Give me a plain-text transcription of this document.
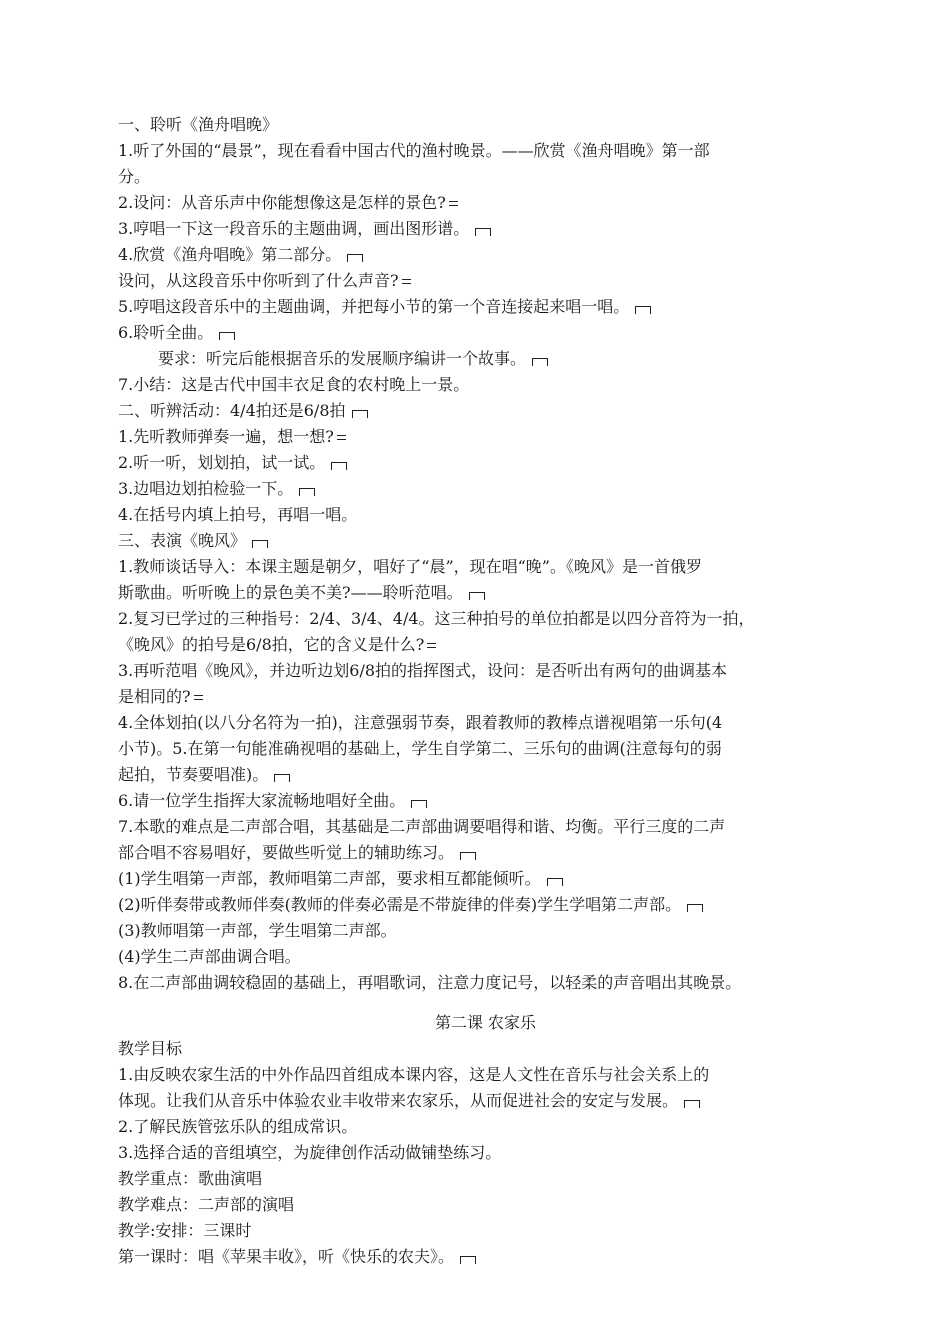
一、聆听《渔舟唱晚》
1.听了外国的“晨景”，现在看看中国古代的渔村晚景。——欣赏《渔舟唱晚》第一部
分。
2.设问：从音乐声中你能想像这是怎样的景色?
3.哼唱一下这一段音乐的主题曲调，画出图形谱。
4.欣赏《渔舟唱晚》第二部分。
设问，从这段音乐中你听到了什么声音?
5.哼唱这段音乐中的主题曲调，并把每小节的第一个音连接起来唱一唱。
6.聆听全曲。
要求：听完后能根据音乐的发展顺序编讲一个故事。
7.小结：这是古代中国丰衣足食的农村晚上一景。
二、听辨活动：4/4拍还是6/8拍
1.先听教师弹奏一遍，想一想?
2.听一听，划划拍，试一试。
3.边唱边划拍检验一下。
4.在括号内填上拍号，再唱一唱。
三、表演《晚风》
1.教师谈话导入：本课主题是朝夕，唱好了“晨”，现在唱“晚”。《晚风》是一首俄罗
斯歌曲。听听晚上的景色美不美?——聆听范唱。
2.复习已学过的三种指号：2/4、3/4、4/4。这三种拍号的单位拍都是以四分音符为一拍，
《晚风》的拍号是6/8拍，它的含义是什么?
3.再听范唱《晚风》，并边听边划6/8拍的指挥图式，设问：是否听出有两句的曲调基本
是相同的?
4.全体划拍(以八分名符为一拍)，注意强弱节奏，跟着教师的教棒点谱视唱第一乐句(4
小节)。5.在第一句能准确视唱的基础上，学生自学第二、三乐句的曲调(注意每句的弱
起拍，节奏要唱准)。
6.请一位学生指挥大家流畅地唱好全曲。
7.本歌的难点是二声部合唱，其基础是二声部曲调要唱得和谐、均衡。平行三度的二声
部合唱不容易唱好，要做些听觉上的辅助练习。
(1)学生唱第一声部，教师唱第二声部，要求相互都能倾听。
(2)听伴奏带或教师伴奏(教师的伴奏必需是不带旋律的伴奏)学生学唱第二声部。
(3)教师唱第一声部，学生唱第二声部。
(4)学生二声部曲调合唱。
8.在二声部曲调较稳固的基础上，再唱歌词，注意力度记号，以轻柔的声音唱出其晚景。
第二课 农家乐
教学目标
1.由反映农家生活的中外作品四首组成本课内容，这是人文性在音乐与社会关系上的
体现。让我们从音乐中体验农业丰收带来农家乐，从而促进社会的安定与发展。
2.了解民族管弦乐队的组成常识。
3.选择合适的音组填空，为旋律创作活动做铺垫练习。
教学重点：歌曲演唱
教学难点：二声部的演唱
教学:安排：三课时
第一课时：唱《苹果丰收》，听《快乐的农夫》。
